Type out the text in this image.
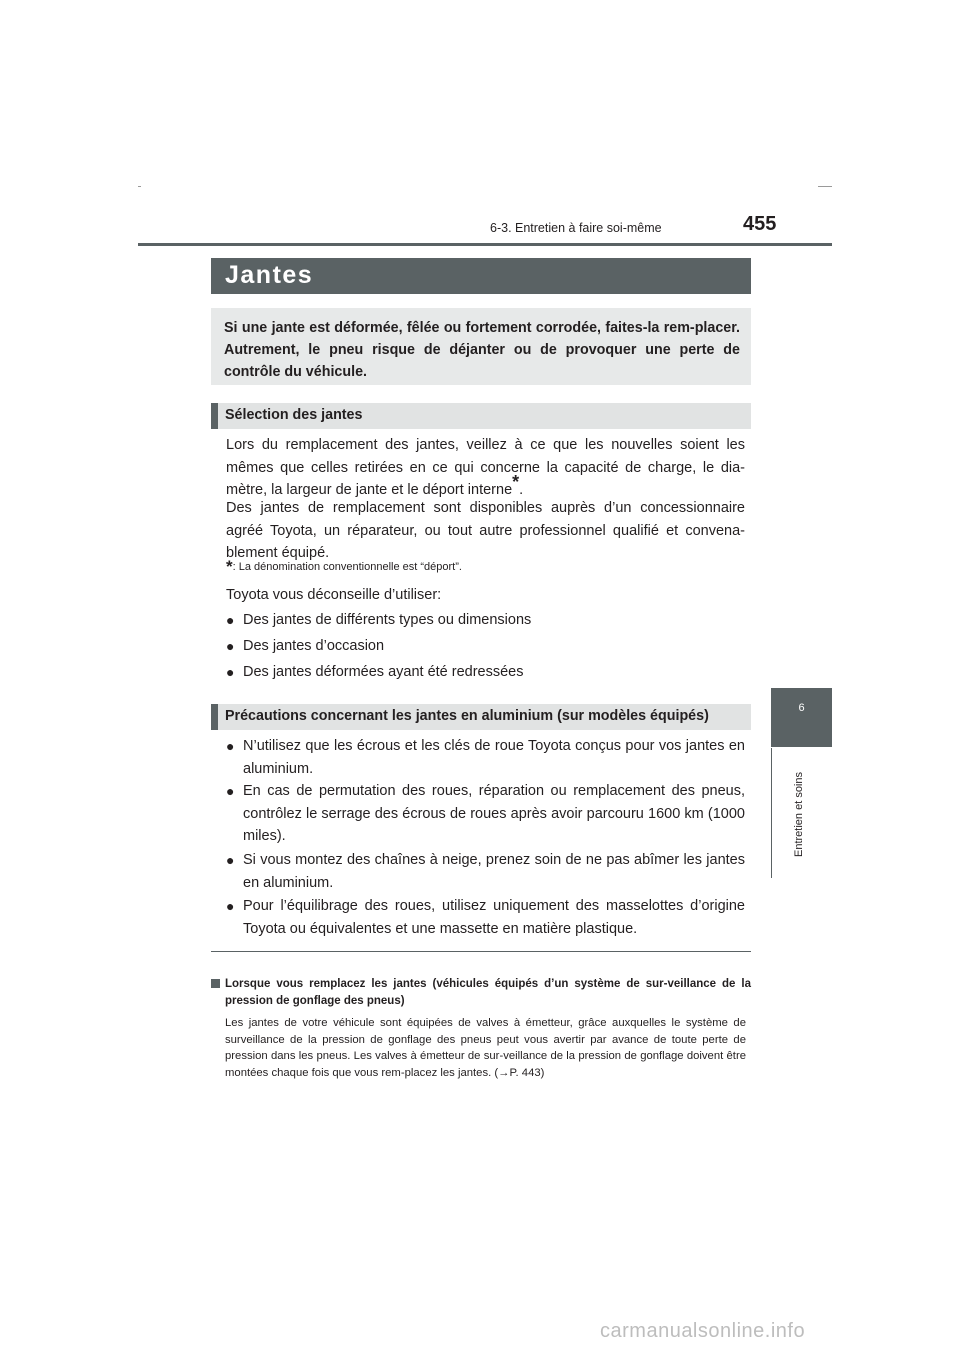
6-3. Entretien à faire soi-même	455
6
Entretien et soins
Jantes
Si une jante est déformée, fêlée ou fortement corrodée, faites-la rem-placer. Autrement, le pneu risque de déjanter ou de provoquer une perte de contrôle du véhicule.
Sélection des jantes
Lors du remplacement des jantes, veillez à ce que les nouvelles soient les mêmes que celles retirées en ce qui concerne la capacité de charge, le dia-mètre, la largeur de jante et le déport interne*.
Des jantes de remplacement sont disponibles auprès d’un concessionnaire agréé Toyota, un réparateur, ou tout autre professionnel qualifié et convena-blement équipé.
*: La dénomination conventionnelle est “déport”.
Toyota vous déconseille d’utiliser:
● Des jantes de différents types ou dimensions
● Des jantes d’occasion
● Des jantes déformées ayant été redressées
Précautions concernant les jantes en aluminium (sur modèles équipés)
● N’utilisez que les écrous et les clés de roue Toyota conçus pour vos jantes en aluminium.
● En cas de permutation des roues, réparation ou remplacement des pneus, contrôlez le serrage des écrous de roues après avoir parcouru 1600 km (1000 miles).
● Si vous montez des chaînes à neige, prenez soin de ne pas abîmer les jantes en aluminium.
● Pour l’équilibrage des roues, utilisez uniquement des masselottes d’origine Toyota ou équivalentes et une massette en matière plastique.
Lorsque vous remplacez les jantes (véhicules équipés d’un système de sur-veillance de la pression de gonflage des pneus)
Les jantes de votre véhicule sont équipées de valves à émetteur, grâce auxquelles le système de surveillance de la pression de gonflage des pneus peut vous avertir par avance de toute perte de pression dans les pneus. Les valves à émetteur de sur-veillance de la pression de gonflage doivent être montées chaque fois que vous rem-placez les jantes. (→P. 443)
carmanualsonline.info
